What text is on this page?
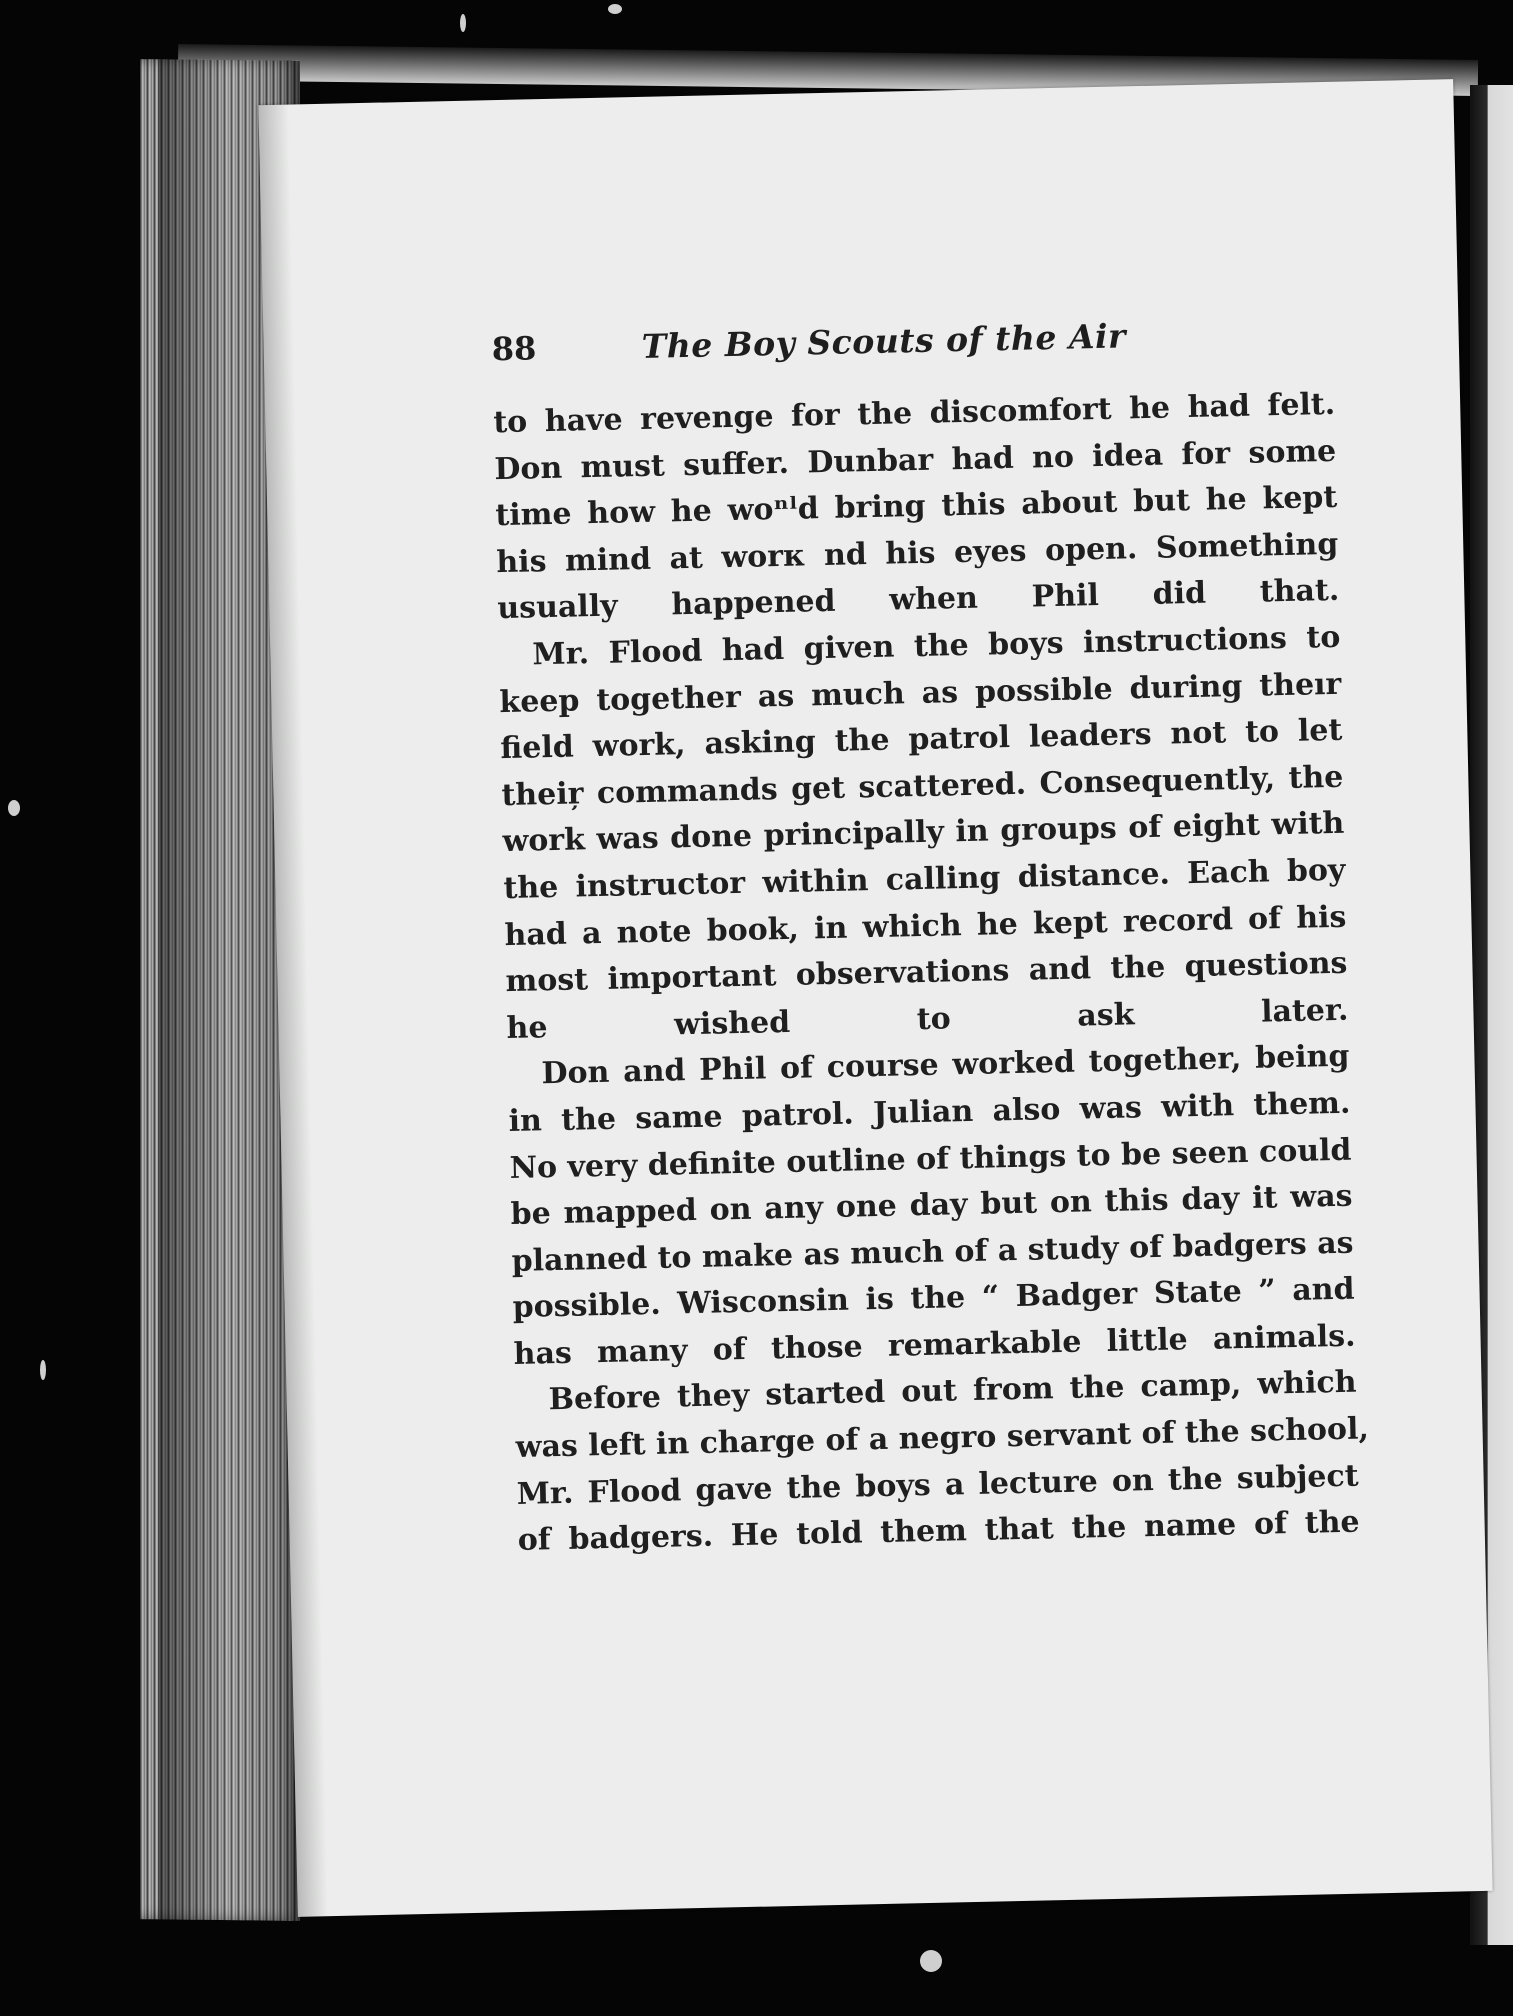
88	The Boy Scouts of the Air

to have revenge for the discomfort he had felt.
Don must suffer. Dunbar had no idea for some
time how he woⁿˡd bring this about but he kept
his mind at worκ nd his eyes open. Something
usually happened when Phil did that.

Mr. Flood had given the boys instructions to
keep together as much as possible during theır
field work, asking the patrol leaders not to let
theiŗ commands get scattered. Consequently, the
work was done principally in groups of eight with
the instructor within calling distance. Each boy
had a note book, in which he kept record of his
most important observations and the questions
he wished to ask later.

Don and Phil of course worked together, being
in the same patrol. Julian also was with them.
No very definite outline of things to be seen could
be mapped on any one day but on this day it was
planned to make as much of a study of badgers as
possible. Wisconsin is the “ Badger State ” and
has many of those remarkable little animals.

Before they started out from the camp, which
was left in charge of a negro servant of the school,
Mr. Flood gave the boys a lecture on the subject
of badgers. He told them that the name of the
